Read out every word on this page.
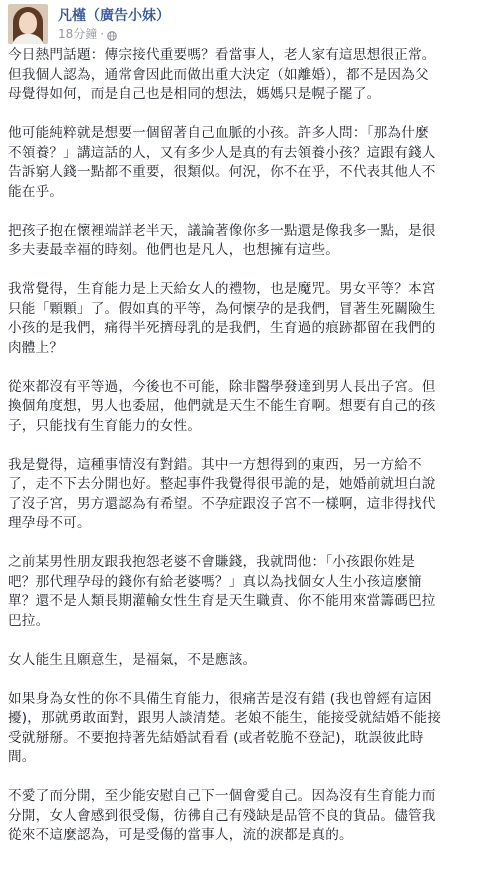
凡槿（廣告小妹）
18分鐘 ·

今日熱門話題：傳宗接代重要嗎？看當事人，老人家有這思想很正常。
但我個人認為，通常會因此而做出重大決定（如離婚），都不是因為父
母覺得如何，而是自己也是相同的想法，媽媽只是幌子罷了。

他可能純粹就是想要一個留著自己血脈的小孩。許多人問：「那為什麼
不領養？」講這話的人，又有多少人是真的有去領養小孩？這跟有錢人
告訴窮人錢一點都不重要，很類似。何況，你不在乎，不代表其他人不
能在乎。

把孩子抱在懷裡端詳老半天，議論著像你多一點還是像我多一點，是很
多夫妻最幸福的時刻。他們也是凡人，也想擁有這些。

我常覺得，生育能力是上天給女人的禮物，也是魔咒。男女平等？本宮
只能「顆顆」了。假如真的平等，為何懷孕的是我們，冒著生死關險生
小孩的是我們，痛得半死擠母乳的是我們，生育過的痕跡都留在我們的
肉體上？

從來都沒有平等過，今後也不可能，除非醫學發達到男人長出子宮。但
換個角度想，男人也委屈，他們就是天生不能生育啊。想要有自己的孩
子，只能找有生育能力的女性。

我是覺得，這種事情沒有對錯。其中一方想得到的東西，另一方給不
了，走不下去分開也好。整起事件我覺得很弔詭的是，她婚前就坦白說
了沒子宮，男方還認為有希望。不孕症跟沒子宮不一樣啊，這非得找代
理孕母不可。

之前某男性朋友跟我抱怨老婆不會賺錢，我就問他：「小孩跟你姓是
吧？那代理孕母的錢你有給老婆嗎？」真以為找個女人生小孩這麼簡
單？還不是人類長期灌輸女性生育是天生職責、你不能用來當籌碼巴拉
巴拉。

女人能生且願意生，是福氣，不是應該。

如果身為女性的你不具備生育能力，很痛苦是沒有錯 (我也曾經有這困
擾)，那就勇敢面對，跟男人談清楚。老娘不能生，能接受就結婚不能接
受就掰掰。不要抱持著先結婚試看看 (或者乾脆不登記)，耽誤彼此時
間。

不愛了而分開，至少能安慰自己下一個會愛自己。因為沒有生育能力而
分開，女人會感到很受傷，彷彿自己有殘缺是品管不良的貨品。儘管我
從來不這麼認為，可是受傷的當事人，流的淚都是真的。
